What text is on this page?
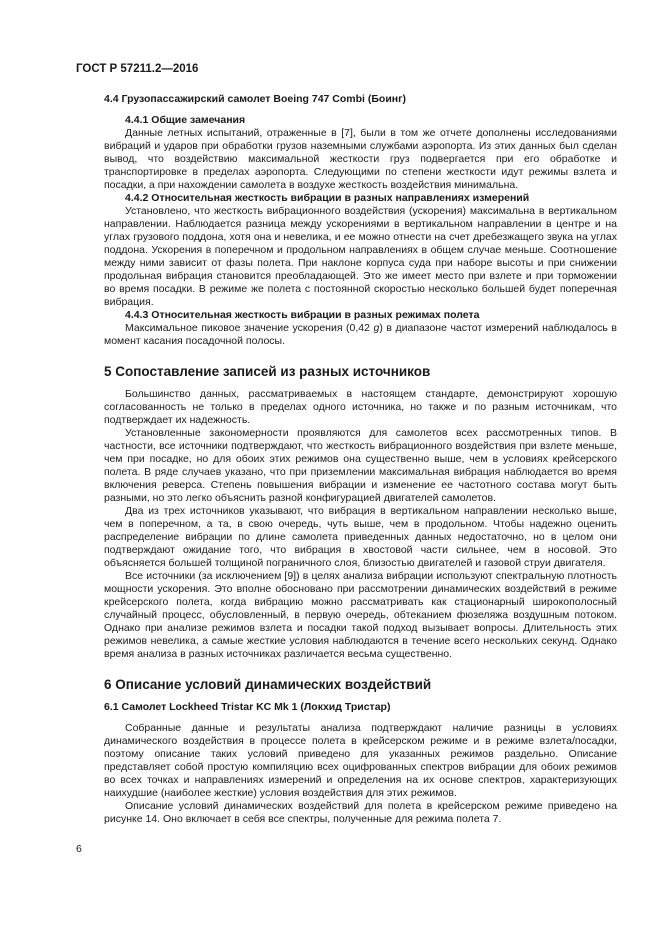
ГОСТ Р 57211.2—2016
4.4 Грузопассажирский самолет Boeing 747 Combi (Боинг)

4.4.1 Общие замечания

Данные летных испытаний, отраженные в [7], были в том же отчете дополнены исследованиями вибраций и ударов при обработки грузов наземными службами аэропорта. Из этих данных был сделан вывод, что воздействию максимальной жесткости груз подвергается при его обработке и транспортировке в пределах аэропорта. Следующими по степени жесткости идут режимы взлета и посадки, а при нахождении самолета в воздухе жесткость воздействия минимальна.

4.4.2 Относительная жесткость вибрации в разных направлениях измерений

Установлено, что жесткость вибрационного воздействия (ускорения) максимальна в вертикальном направлении. Наблюдается разница между ускорениями в вертикальном направлении в центре и на углах грузового поддона, хотя она и невелика, и ее можно отнести на счет дребезжащего звука на углах поддона. Ускорения в поперечном и продольном направлениях в общем случае меньше. Соотношение между ними зависит от фазы полета. При наклоне корпуса суда при наборе высоты и при снижении продольная вибрация становится преобладающей. Это же имеет место при взлете и при торможении во время посадки. В режиме же полета с постоянной скоростью несколько большей будет поперечная вибрация.

4.4.3 Относительная жесткость вибрации в разных режимах полета

Максимальное пиковое значение ускорения (0,42 g) в диапазоне частот измерений наблюдалось в момент касания посадочной полосы.

5 Сопоставление записей из разных источников

Большинство данных, рассматриваемых в настоящем стандарте, демонстрируют хорошую согласованность не только в пределах одного источника, но также и по разным источникам, что подтверждает их надежность.

Установленные закономерности проявляются для самолетов всех рассмотренных типов. В частности, все источники подтверждают, что жесткость вибрационного воздействия при взлете меньше, чем при посадке, но для обоих этих режимов она существенно выше, чем в условиях крейсерского полета. В ряде случаев указано, что при приземлении максимальная вибрация наблюдается во время включения реверса. Степень повышения вибрации и изменение ее частотного состава могут быть разными, но это легко объяснить разной конфигурацией двигателей самолетов.

Два из трех источников указывают, что вибрация в вертикальном направлении несколько выше, чем в поперечном, а та, в свою очередь, чуть выше, чем в продольном. Чтобы надежно оценить распределение вибрации по длине самолета приведенных данных недостаточно, но в целом они подтверждают ожидание того, что вибрация в хвостовой части сильнее, чем в носовой. Это объясняется большей толщиной пограничного слоя, близостью двигателей и газовой струи двигателя.

Все источники (за исключением [9]) в целях анализа вибрации используют спектральную плотность мощности ускорения. Это вполне обосновано при рассмотрении динамических воздействий в режиме крейсерского полета, когда вибрацию можно рассматривать как стационарный широкополосный случайный процесс, обусловленный, в первую очередь, обтеканием фюзеляжа воздушным потоком. Однако при анализе режимов взлета и посадки такой подход вызывает вопросы. Длительность этих режимов невелика, а самые жесткие условия наблюдаются в течение всего нескольких секунд. Однако время анализа в разных источниках различается весьма существенно.

6 Описание условий динамических воздействий
6.1 Самолет Lockheed Tristar KC Mk 1 (Локхид Тристар)

Собранные данные и результаты анализа подтверждают наличие разницы в условиях динамического воздействия в процессе полета в крейсерском режиме и в режиме взлета/посадки, поэтому описание таких условий приведено для указанных режимов раздельно. Описание представляет собой простую компиляцию всех оцифрованных спектров вибрации для обоих режимов во всех точках и направлениях измерений и определения на их основе спектров, характеризующих наихудшие (наиболее жесткие) условия воздействия для этих режимов.

Описание условий динамических воздействий для полета в крейсерском режиме приведено на рисунке 14. Оно включает в себя все спектры, полученные для режима полета 7.

6
